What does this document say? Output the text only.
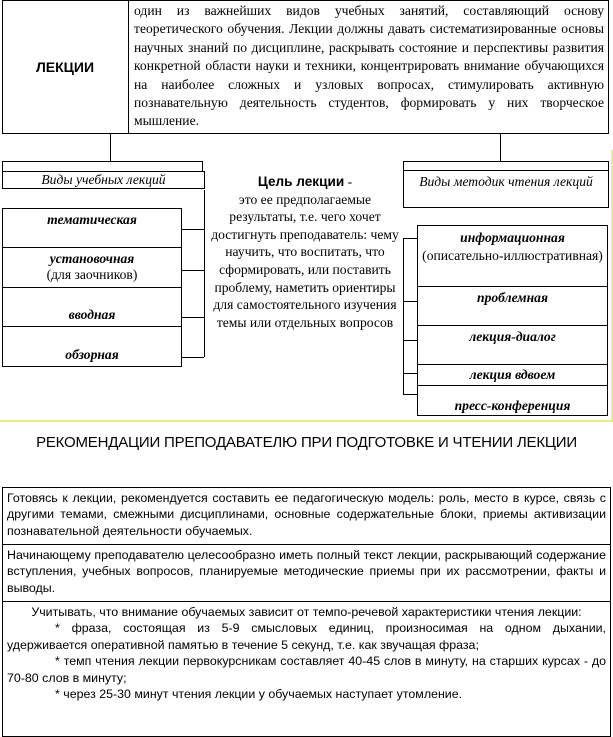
ЛЕКЦИИ
один из важнейших видов учебных занятий, составляющий основу теоретического обучения. Лекции должны давать систематизированные основы научных знаний по дисциплине, раскрывать состояние и перспективы развития конкретной области науки и техники, концентрировать внимание обучающихся на наиболее сложных и узловых вопросах, стимулировать активную познавательную деятельность студентов, формировать у них творческое мышление.
Виды учебных лекций
тематическая
установочная
(для заочников)
вводная
обзорная
Цель лекции -
это ее предполагаемые результаты, т.е. чего хочет достигнуть преподаватель: чему научить, что воспитать, что сформировать, или поставить проблему, наметить ориентиры для самостоятельного изучения темы или отдельных вопросов
Виды методик чтения лекций
информационная
(описательно-иллюстративная)
проблемная
лекция-диалог
лекция вдвоем
пресс-конференция
РЕКОМЕНДАЦИИ ПРЕПОДАВАТЕЛЮ ПРИ ПОДГОТОВКЕ И ЧТЕНИИ ЛЕКЦИИ
Готовясь к лекции, рекомендуется составить ее педагогическую модель: роль, место в курсе, связь с другими темами, смежными дисциплинами, основные содержательные блоки, приемы активизации познавательной деятельности обучаемых.
Начинающему преподавателю целесообразно иметь полный текст лекции, раскрывающий содержание вступления, учебных вопросов, планируемые методические приемы при их рассмотрении, факты и выводы.
Учитывать, что внимание обучаемых зависит от темпо-речевой характеристики чтения лекции:
* фраза, состоящая из 5-9 смысловых единиц, произносимая на одном дыхании, удерживается оперативной памятью в течение 5 секунд, т.е. как звучащая фраза;
* темп чтения лекции первокурсникам составляет 40-45 слов в минуту, на старших курсах - до 70-80 слов в минуту;
* через 25-30 минут чтения лекции у обучаемых наступает утомление.
